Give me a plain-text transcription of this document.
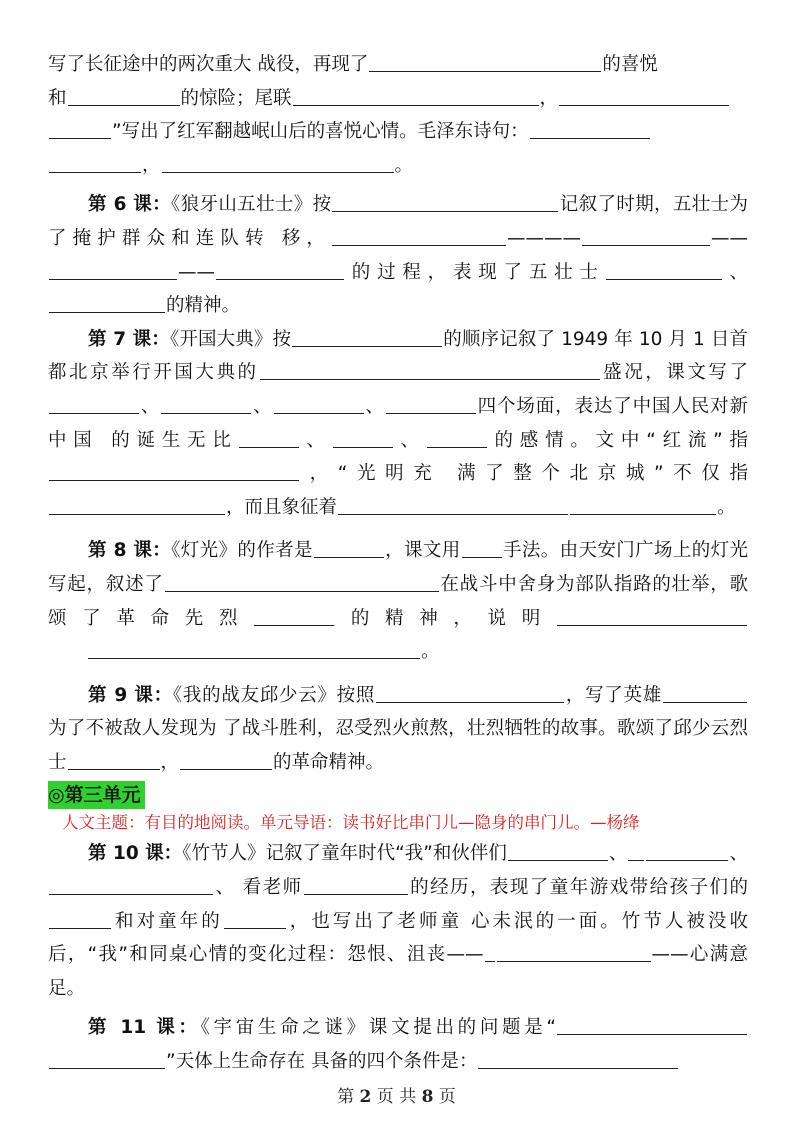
写了长征途中的两次重大 战役，再现了	的喜悦
和	的惊险；尾联	，
”写出了红军翻越岷山后的喜悦心情。毛泽东诗句：
，	。

第 6 课：《狼牙山五壮士》按	记叙了时期，五壮士为了掩护群众和连队转 移，	————	————	的过程，表现了五壮士	、的精神。

第 7 课：《开国大典》按	的顺序记叙了 1949 年 10 月 1 日首都北京举行开国大典的	盛况，课文写了、	、	、	四个场面，表达了中国人民对新中国 的诞生无比	、	、	的感情。文中“红流”指，“光明充 满了整个北京城”不仅指，而且象征着	。

第 8 课：《灯光》的作者是	，课文用 手法。由天安门广场上的灯光写起，叙述了	在战斗中舍身为部队指路的壮举，歌颂了革命先烈	的精神，说明。

第 9 课：《我的战友邱少云》按照	，写了英雄为了不被敌人发现为 了战斗胜利，忍受烈火煎熬，壮烈牺牲的故事。歌颂了邱少云烈士	，	的革命精神。

◎第三单元
人文主题：有目的地阅读。单元导语：读书好比串门儿—隐身的串门儿。—杨绛

第 10 课：《竹节人》记叙了童年时代“我”和伙伴们	、	、、 看老师	的经历，表现了童年游戏带给孩子们的和对童年的	，也写出了老师童 心未泯的一面。竹节人被没收后，“我”和同桌心情的变化过程：怨恨、沮丧——	——心满意足。

第 11 课：《宇宙生命之谜》课文提出的问题是“”天体上生命存在 具备的四个条件是：

第 2 页 共 8 页
